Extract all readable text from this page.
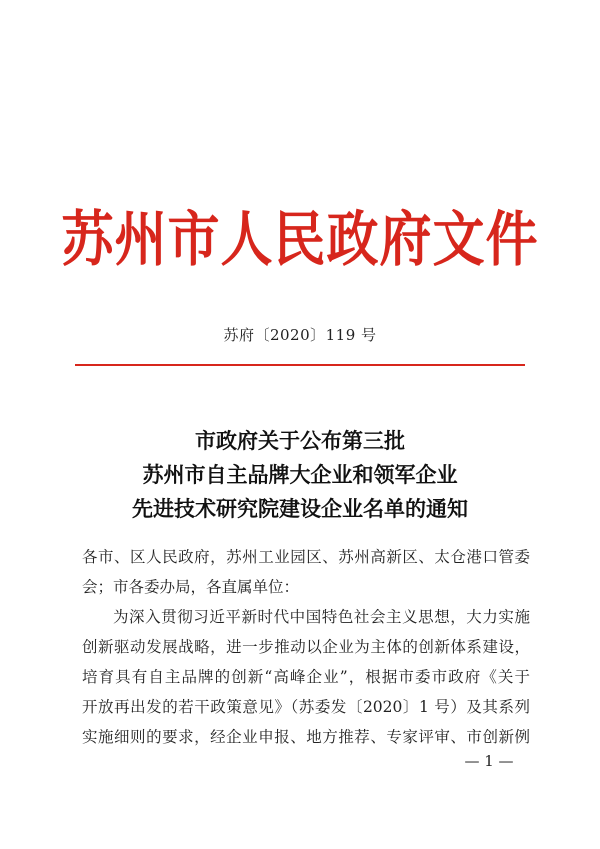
苏州市人民政府文件
苏府〔2020〕119 号
市政府关于公布第三批
苏州市自主品牌大企业和领军企业
先进技术研究院建设企业名单的通知
各市、区人民政府，苏州工业园区、苏州高新区、太仓港口管委
会；市各委办局，各直属单位：
为深入贯彻习近平新时代中国特色社会主义思想，大力实施
创新驱动发展战略，进一步推动以企业为主体的创新体系建设，
培育具有自主品牌的创新“高峰企业”，根据市委市政府《关于
开放再出发的若干政策意见》（苏委发〔2020〕1 号）及其系列
实施细则的要求，经企业申报、地方推荐、专家评审、市创新例
— 1 —
